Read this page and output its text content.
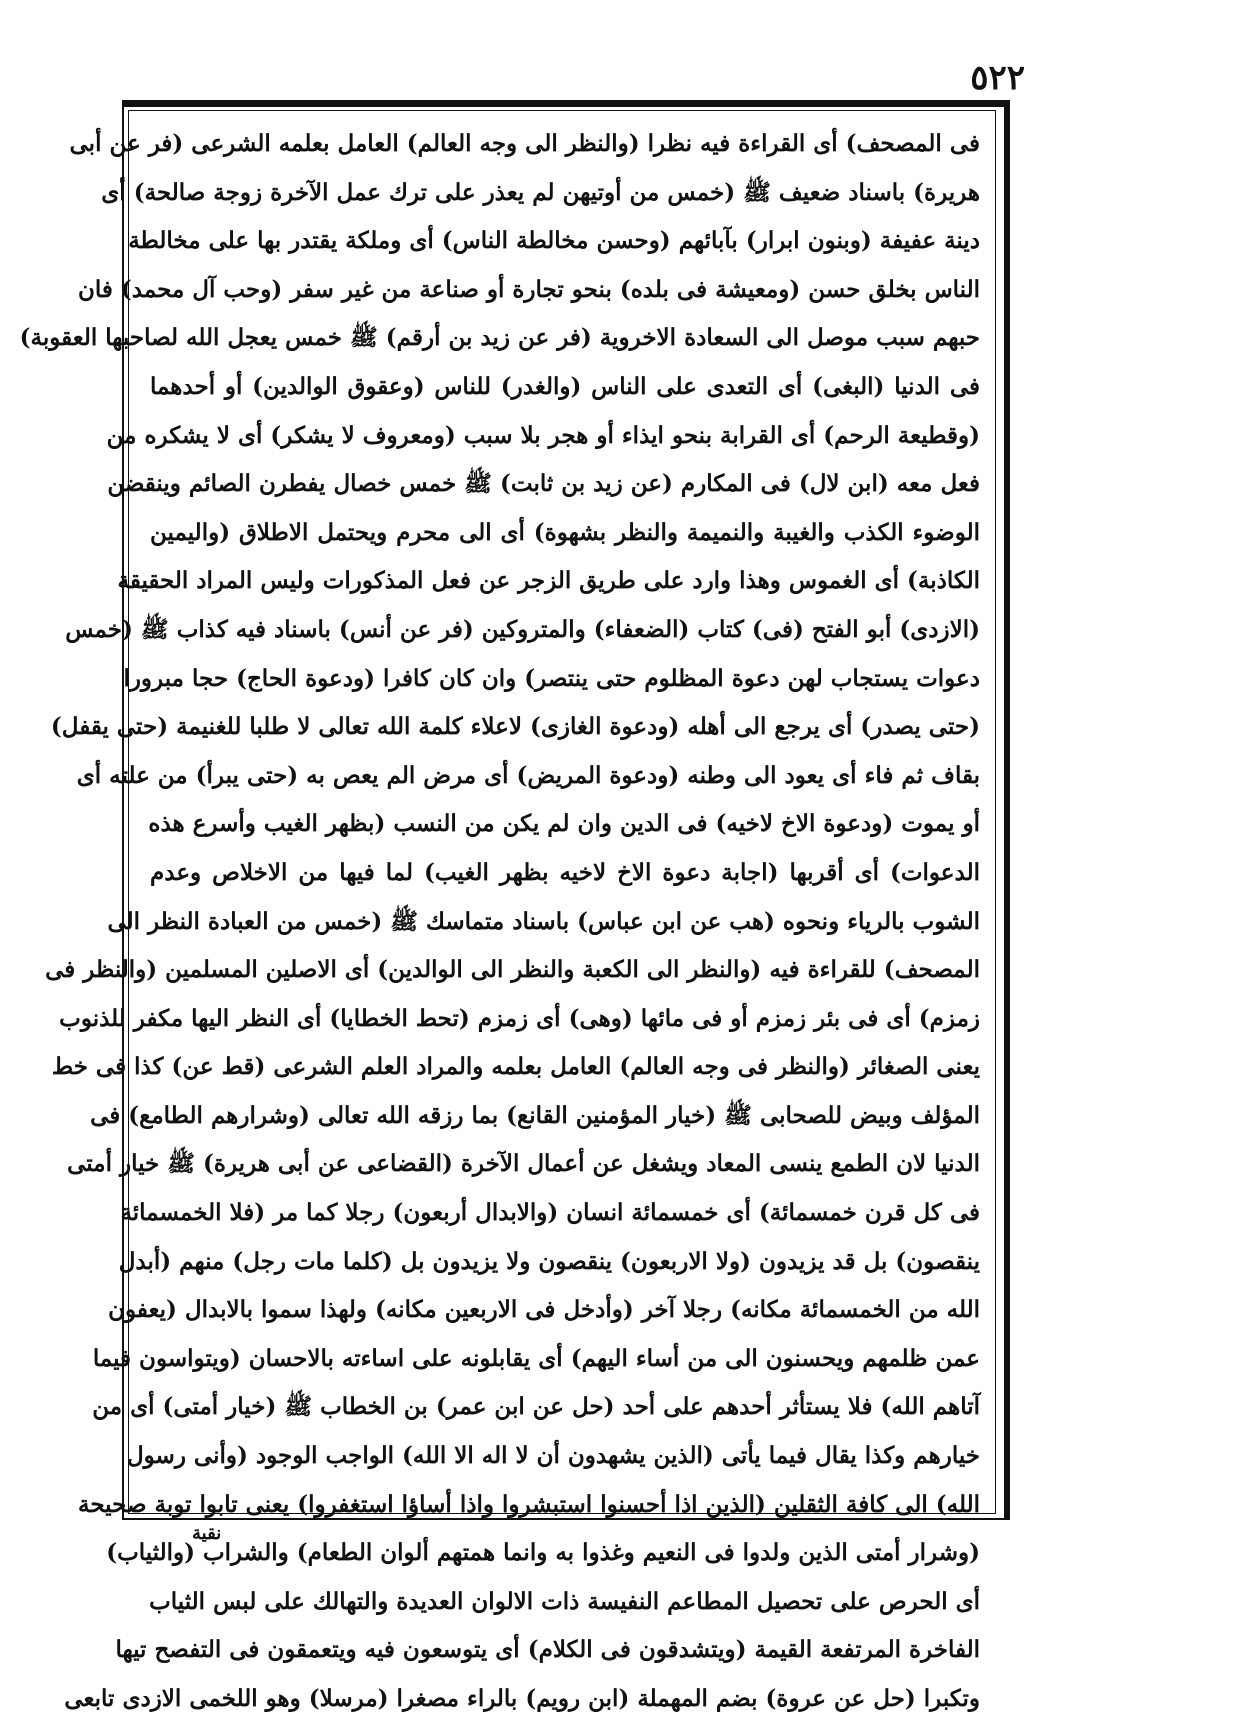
٥٢٢
فى المصحف) أى القراءة فيه نظرا (والنظر الى وجه العالم) العامل بعلمه الشرعى (فر عن أبى
هريرة) باسناد ضعيف ﷺ (خمس من أوتيهن لم يعذر على ترك عمل الآخرة زوجة صالحة) أى
دينة عفيفة (وبنون ابرار) بآبائهم (وحسن مخالطة الناس) أى وملكة يقتدر بها على مخالطة
الناس بخلق حسن (ومعيشة فى بلده) بنحو تجارة أو صناعة من غير سفر (وحب آل محمد) فان
حبهم سبب موصل الى السعادة الاخروية (فر عن زيد بن أرقم) ﷺ خمس يعجل الله لصاحبها العقوبة)
فى الدنيا (البغى) أى التعدى على الناس (والغدر) للناس (وعقوق الوالدين) أو أحدهما
(وقطيعة الرحم) أى القرابة بنحو ايذاء أو هجر بلا سبب (ومعروف لا يشكر) أى لا يشكره من
فعل معه (ابن لال) فى المكارم (عن زيد بن ثابت) ﷺ خمس خصال يفطرن الصائم وينقضن
الوضوء الكذب والغيبة والنميمة والنظر بشهوة) أى الى محرم ويحتمل الاطلاق (واليمين
الكاذبة) أى الغموس وهذا وارد على طريق الزجر عن فعل المذكورات وليس المراد الحقيقة
(الازدى) أبو الفتح (فى) كتاب (الضعفاء) والمتروكين (فر عن أنس) باسناد فيه كذاب ﷺ (خمس
دعوات يستجاب لهن دعوة المظلوم حتى ينتصر) وان كان كافرا (ودعوة الحاج) حجا مبرورا
(حتى يصدر) أى يرجع الى أهله (ودعوة الغازى) لاعلاء كلمة الله تعالى لا طلبا للغنيمة (حتى يقفل)
بقاف ثم فاء أى يعود الى وطنه (ودعوة المريض) أى مرض الم يعص به (حتى يبرأ) من علته أى
أو يموت (ودعوة الاخ لاخيه) فى الدين وان لم يكن من النسب (بظهر الغيب وأسرع هذه
الدعوات) أى أقربها (اجابة دعوة الاخ لاخيه بظهر الغيب) لما فيها من الاخلاص وعدم
الشوب بالرياء ونحوه (هب عن ابن عباس) باسناد متماسك ﷺ (خمس من العبادة النظر الى
المصحف) للقراءة فيه (والنظر الى الكعبة والنظر الى الوالدين) أى الاصلين المسلمين (والنظر فى
زمزم) أى فى بئر زمزم أو فى مائها (وهى) أى زمزم (تحط الخطايا) أى النظر اليها مكفر للذنوب
يعنى الصغائر (والنظر فى وجه العالم) العامل بعلمه والمراد العلم الشرعى (قط عن) كذا فى خط
المؤلف وبيض للصحابى ﷺ (خيار المؤمنين القانع) بما رزقه الله تعالى (وشرارهم الطامع) فى
الدنيا لان الطمع ينسى المعاد ويشغل عن أعمال الآخرة (القضاعى عن أبى هريرة) ﷺ خيار أمتى
فى كل قرن خمسمائة) أى خمسمائة انسان (والابدال أربعون) رجلا كما مر (فلا الخمسمائة
ينقصون) بل قد يزيدون (ولا الاربعون) ينقصون ولا يزيدون بل (كلما مات رجل) منهم (أبدل
الله من الخمسمائة مكانه) رجلا آخر (وأدخل فى الاربعين مكانه) ولهذا سموا بالابدال (يعفون
عمن ظلمهم ويحسنون الى من أساء اليهم) أى يقابلونه على اساءته بالاحسان (ويتواسون فيما
آتاهم الله) فلا يستأثر أحدهم على أحد (حل عن ابن عمر) بن الخطاب ﷺ (خيار أمتى) أى من
خيارهم وكذا يقال فيما يأتى (الذين يشهدون أن لا اله الا الله) الواجب الوجود (وأنى رسول
الله) الى كافة الثقلين (الذين اذا أحسنوا استبشروا واذا أساؤا استغفروا) يعنى تابوا توبة صحيحة
(وشرار أمتى الذين ولدوا فى النعيم وغذوا به وانما همتهم ألوان الطعام) والشراب (والثياب)
أى الحرص على تحصيل المطاعم النفيسة ذات الالوان العديدة والتهالك على لبس الثياب
الفاخرة المرتفعة القيمة (ويتشدقون فى الكلام) أى يتوسعون فيه ويتعمقون فى التفصح تيها
وتكبرا (حل عن عروة) بضم المهملة (ابن رويم) بالراء مصغرا (مرسلا) وهو اللخمى الازدى تابعى
نقية
